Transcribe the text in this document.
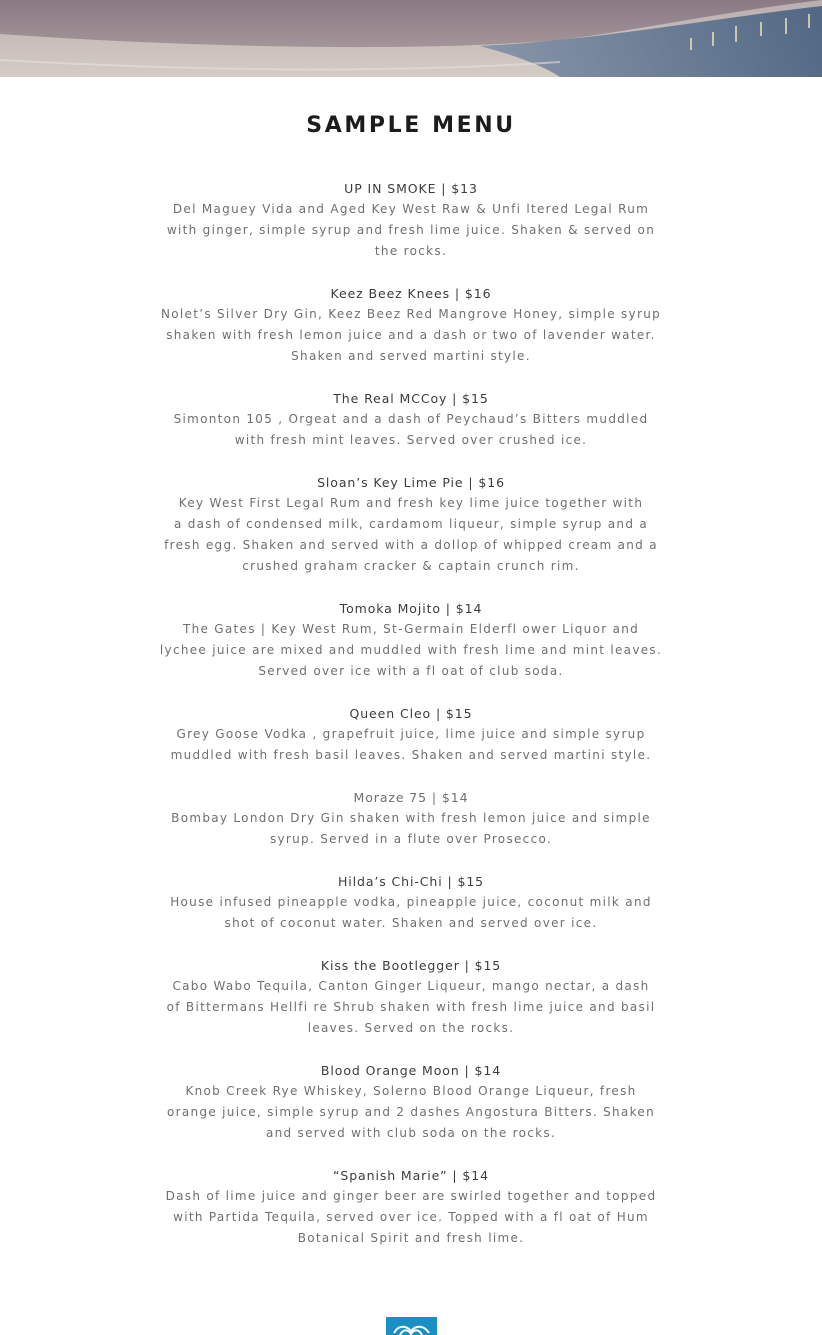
SAMPLE MENU
UP IN SMOKE | $13

Del Maguey Vida and Aged Key West Raw & Unfi ltered Legal Rum
with ginger, simple syrup and fresh lime juice. Shaken & served on
the rocks.

Keez Beez Knees | $16

Nolet’s Silver Dry Gin, Keez Beez Red Mangrove Honey, simple syrup
shaken with fresh lemon juice and a dash or two of lavender water.
Shaken and served martini style.

The Real MCCoy | $15

Simonton 105 , Orgeat and a dash of Peychaud’s Bitters muddled
with fresh mint leaves. Served over crushed ice.

Sloan’s Key Lime Pie | $16

Key West First Legal Rum and fresh key lime juice together with
a dash of condensed milk, cardamom liqueur, simple syrup and a
fresh egg. Shaken and served with a dollop of whipped cream and a
crushed graham cracker & captain crunch rim.

Tomoka Mojito | $14

The Gates | Key West Rum, St-Germain Elderfl ower Liquor and
lychee juice are mixed and muddled with fresh lime and mint leaves.
Served over ice with a fl oat of club soda.

Queen Cleo | $15

Grey Goose Vodka , grapefruit juice, lime juice and simple syrup
muddled with fresh basil leaves. Shaken and served martini style.

Moraze 75 | $14

Bombay London Dry Gin shaken with fresh lemon juice and simple
syrup. Served in a flute over Prosecco.

Hilda’s Chi-Chi | $15

House infused pineapple vodka, pineapple juice, coconut milk and
shot of coconut water. Shaken and served over ice.

Kiss the Bootlegger | $15

Cabo Wabo Tequila, Canton Ginger Liqueur, mango nectar, a dash
of Bittermans Hellfi re Shrub shaken with fresh lime juice and basil
leaves. Served on the rocks.

Blood Orange Moon | $14

Knob Creek Rye Whiskey, Solerno Blood Orange Liqueur, fresh
orange juice, simple syrup and 2 dashes Angostura Bitters. Shaken
and served with club soda on the rocks.

“Spanish Marie” | $14

Dash of lime juice and ginger beer are swirled together and topped
with Partida Tequila, served over ice. Topped with a fl oat of Hum
Botanical Spirit and fresh lime.
